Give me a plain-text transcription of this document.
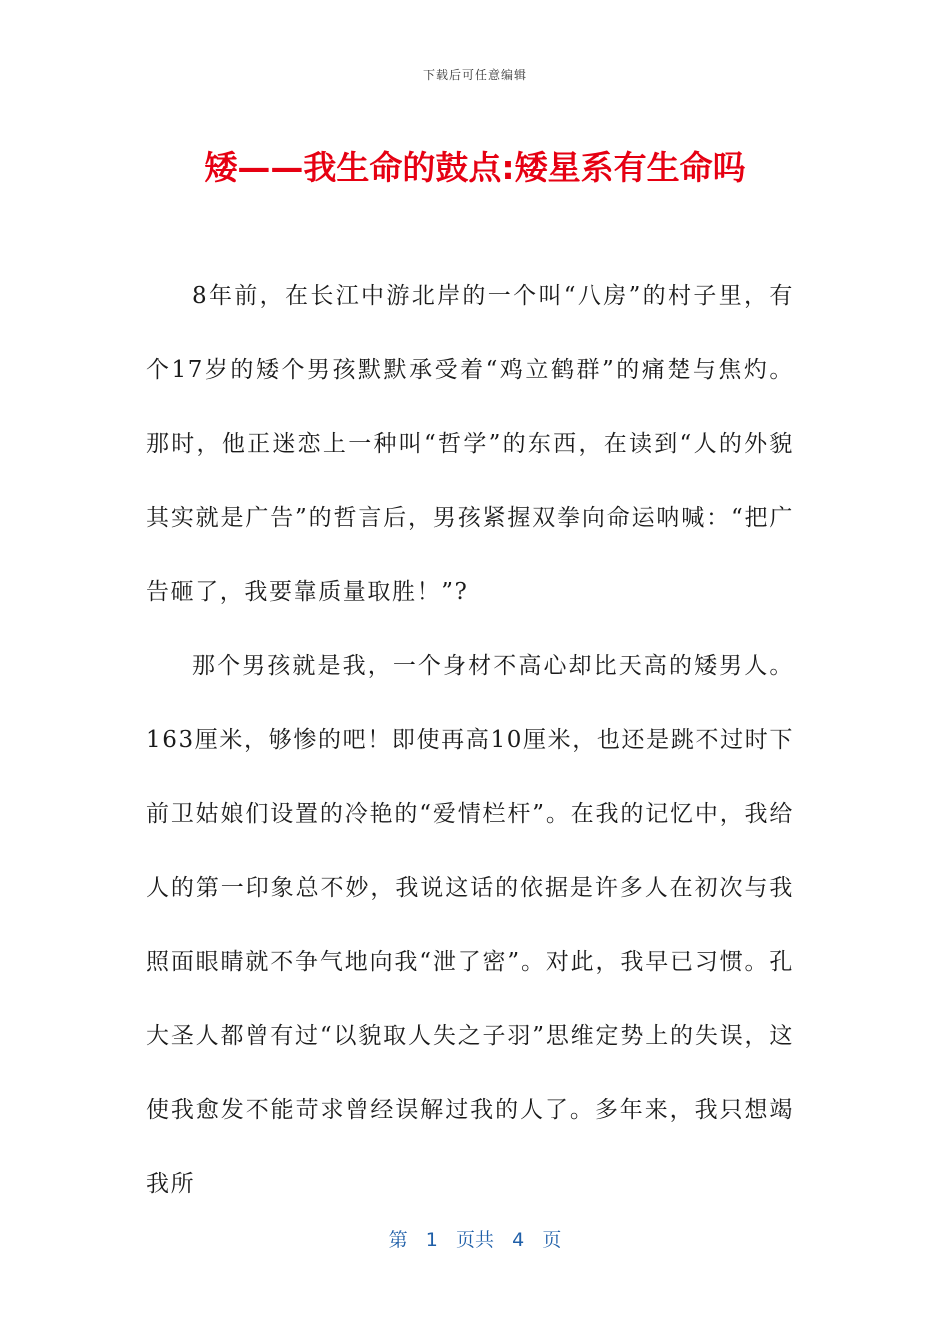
下载后可任意编辑
矮——我生命的鼓点:矮星系有生命吗

8年前，在长江中游北岸的一个叫“八房”的村子里，有个17岁的矮个男孩默默承受着“鸡立鹤群”的痛楚与焦灼。那时，他正迷恋上一种叫“哲学”的东西，在读到“人的外貌其实就是广告”的哲言后，男孩紧握双拳向命运呐喊：“把广告砸了，我要靠质量取胜！”?

那个男孩就是我，一个身材不高心却比天高的矮男人。163厘米，够惨的吧！即使再高10厘米，也还是跳不过时下前卫姑娘们设置的冷艳的“爱情栏杆”。在我的记忆中，我给人的第一印象总不妙，我说这话的依据是许多人在初次与我照面眼睛就不争气地向我“泄了密”。对此，我早已习惯。孔大圣人都曾有过“以貌取人失之子羽”思维定势上的失误，这使我愈发不能苛求曾经误解过我的人了。多年来，我只想竭我所

第 1 页共 4 页
